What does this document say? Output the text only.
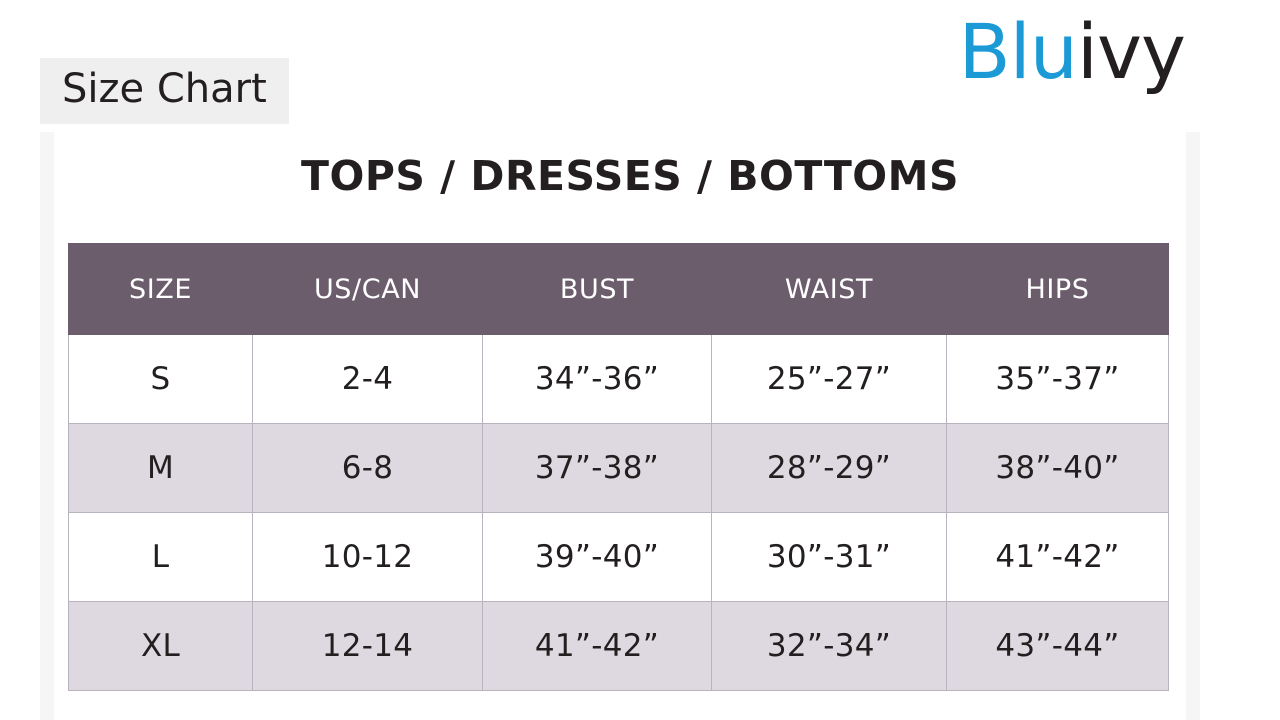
Bluivy
Size Chart
TOPS / DRESSES / BOTTOMS
SIZE	US/CAN	BUST	WAIST	HIPS
S	2-4	34”-36”	25”-27”	35”-37”
M	6-8	37”-38”	28”-29”	38”-40”
L	10-12	39”-40”	30”-31”	41”-42”
XL	12-14	41”-42”	32”-34”	43”-44”
